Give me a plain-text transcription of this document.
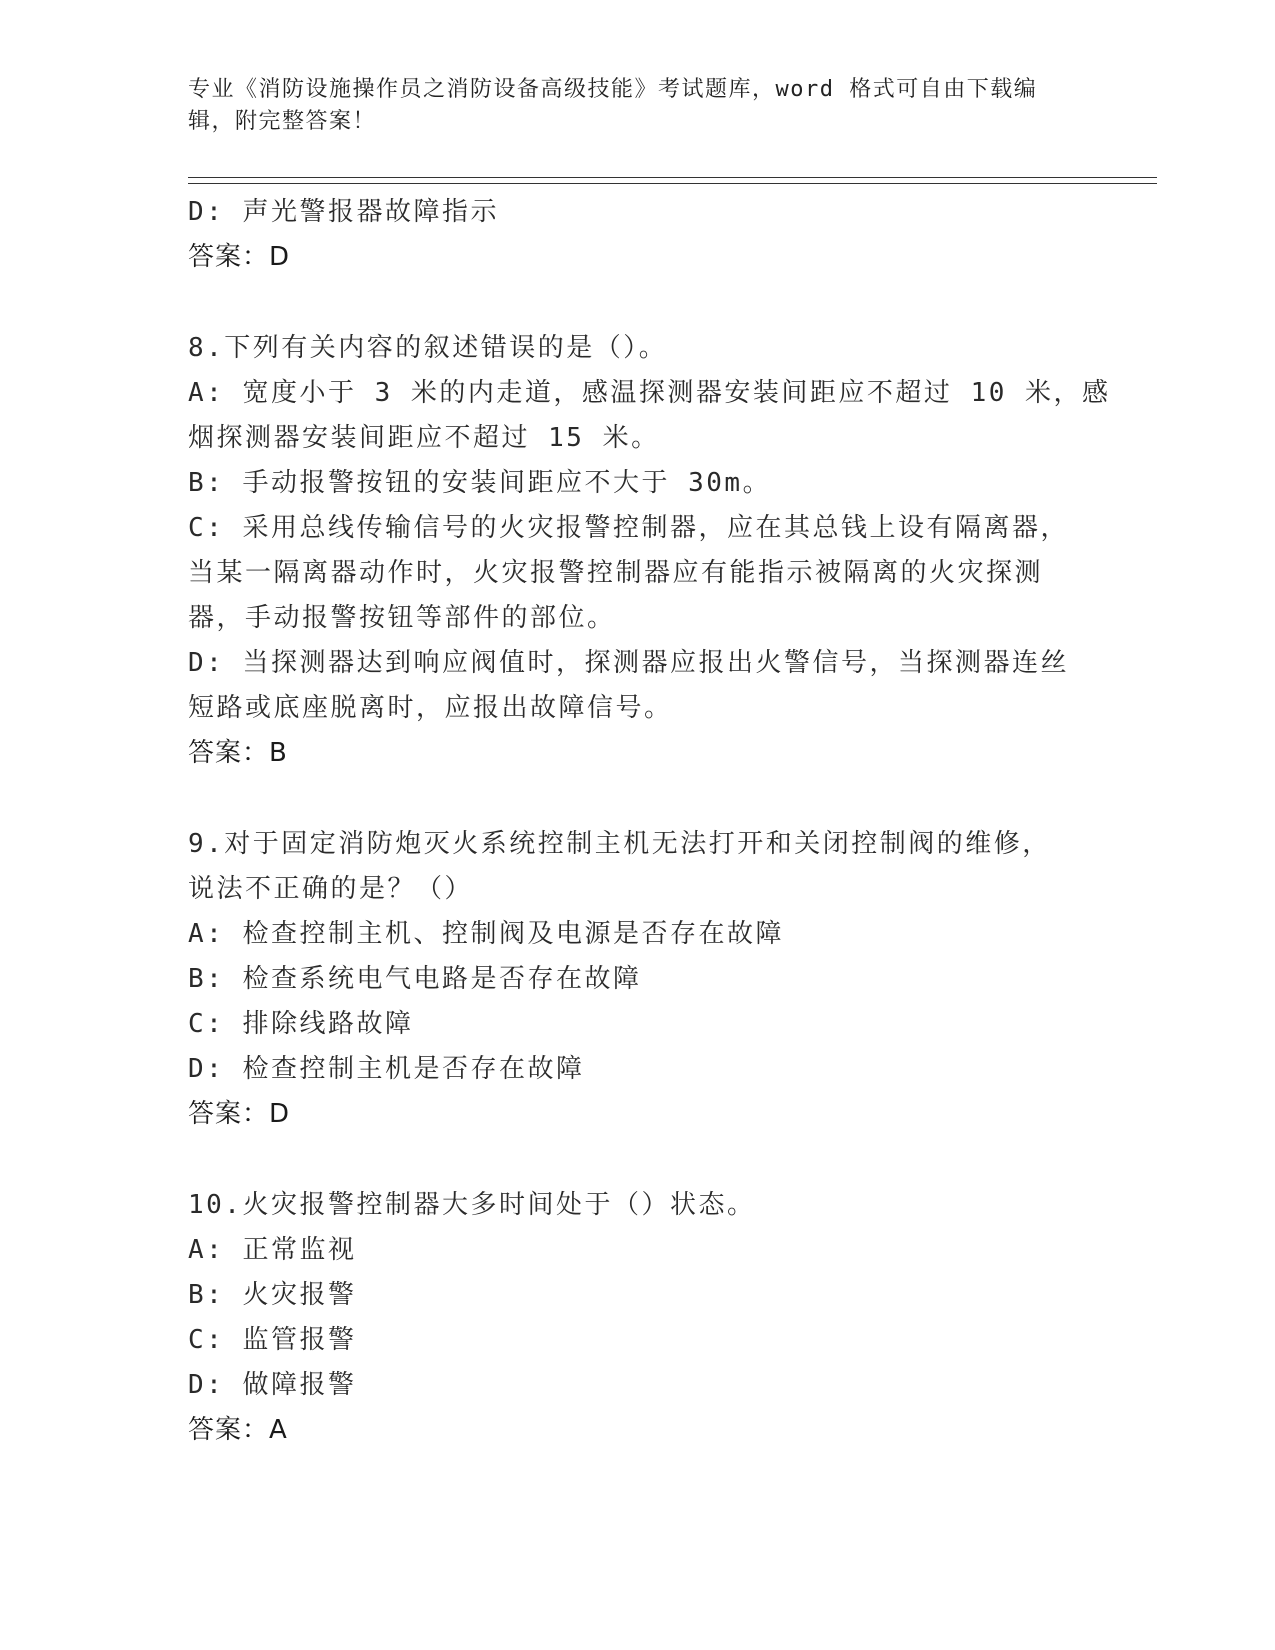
专业《消防设施操作员之消防设备高级技能》考试题库，word 格式可自由下载编
辑，附完整答案！

D: 声光警报器故障指示

答案：D

8.下列有关内容的叙述错误的是（）。

A: 宽度小于 3 米的内走道，感温探测器安装间距应不超过 10 米，感

烟探测器安装间距应不超过 15 米。

B: 手动报警按钮的安装间距应不大于 30m。

C: 采用总线传输信号的火灾报警控制器，应在其总钱上设有隔离器，

当某一隔离器动作时，火灾报警控制器应有能指示被隔离的火灾探测

器，手动报警按钮等部件的部位。

D: 当探测器达到响应阀值时，探测器应报出火警信号，当探测器连丝

短路或底座脱离时，应报出故障信号。

答案：B

9.对于固定消防炮灭火系统控制主机无法打开和关闭控制阀的维修，

说法不正确的是？（）

A: 检查控制主机、控制阀及电源是否存在故障

B: 检查系统电气电路是否存在故障

C: 排除线路故障

D: 检查控制主机是否存在故障

答案：D

10.火灾报警控制器大多时间处于（）状态。

A: 正常监视

B: 火灾报警

C: 监管报警

D: 做障报警

答案：A
